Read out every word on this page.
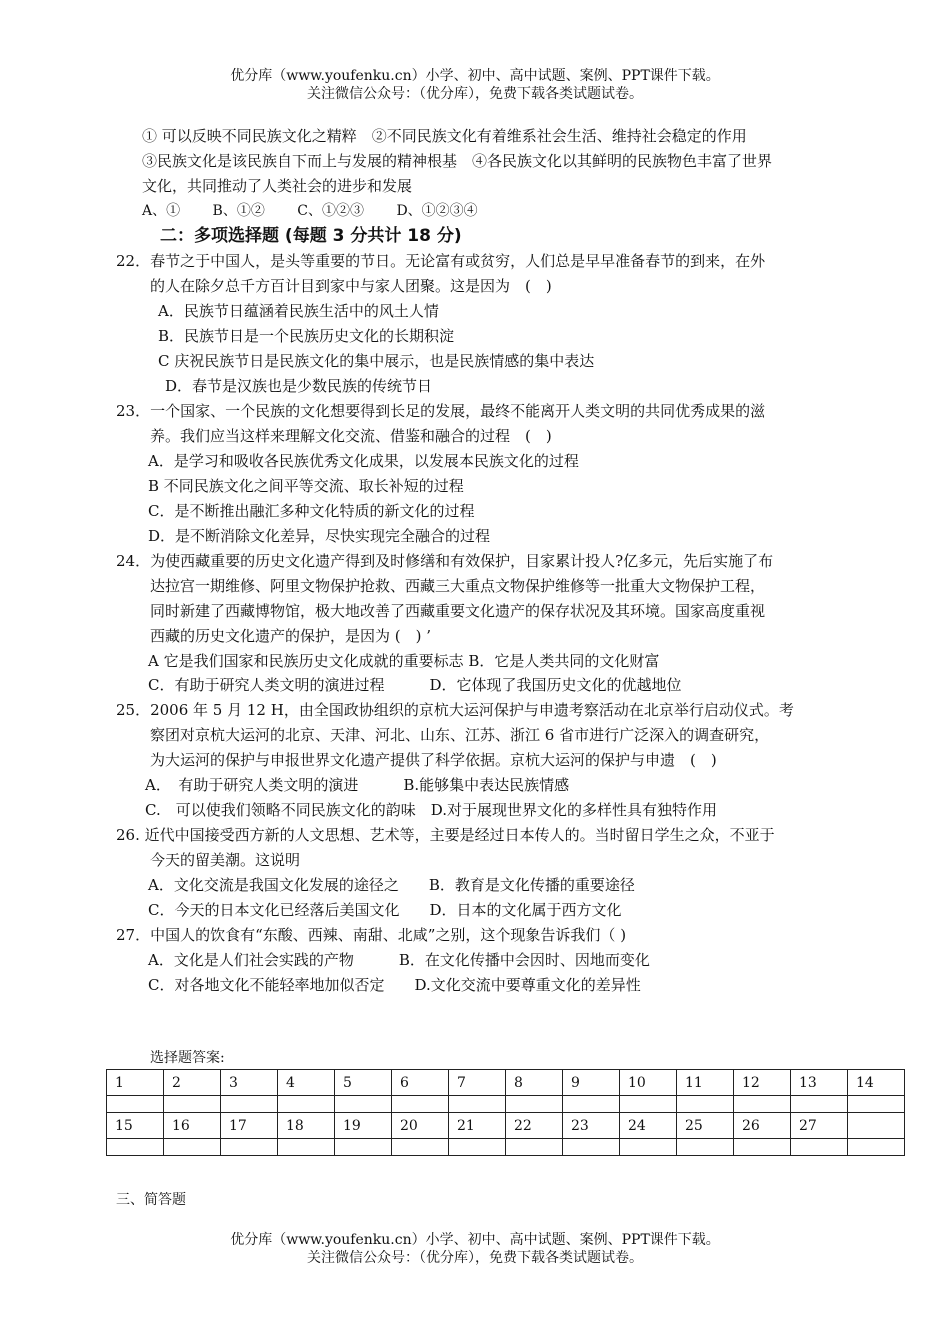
优分库（www.youfenku.cn）小学、初中、高中试题、案例、PPT课件下载。
关注微信公众号：（优分库），免费下载各类试题试卷。
① 可以反映不同民族文化之精粹　②不同民族文化有着维系社会生活、维持社会稳定的作用
③民族文化是该民族自下而上与发展的精神根基　④各民族文化以其鲜明的民族物色丰富了世界
文化，共同推动了人类社会的进步和发展
A、①　　 B、①②　　 C、①②③　　 D、①②③④
二：多项选择题 (每题 3 分共计 18 分)
22．春节之于中国人，是头等重要的节日。无论富有或贫穷，人们总是早早准备春节的到来，在外
的人在除夕总千方百计目到家中与家人团聚。这是因为　(　)
A．民族节日蕴涵着民族生活中的风土人情
B．民族节日是一个民族历史文化的长期积淀
C 庆祝民族节日是民族文化的集中展示，也是民族情感的集中表达
D．春节是汉族也是少数民族的传统节日
23．一个国家、一个民族的文化想要得到长足的发展，最终不能离开人类文明的共同优秀成果的滋
养。我们应当这样来理解文化交流、借鉴和融合的过程　(　)
A．是学习和吸收各民族优秀文化成果，以发展本民族文化的过程
B 不同民族文化之间平等交流、取长补短的过程
C．是不断推出融汇多种文化特质的新文化的过程
D．是不断消除文化差异，尽快实现完全融合的过程
24．为使西藏重要的历史文化遗产得到及时修缮和有效保护，目家累计投人?亿多元，先后实施了布
达拉宫一期维修、阿里文物保护抢救、西藏三大重点文物保护维修等一批重大文物保护工程，
同时新建了西藏博物馆，极大地改善了西藏重要文化遗产的保存状况及其环境。国家高度重视
西藏的历史文化遗产的保护，是因为 (　) ’
A 它是我们国家和民族历史文化成就的重要标志 B．它是人类共同的文化财富
C．有助于研究人类文明的演进过程　　　D．它体现了我国历史文化的优越地位
25．2006 年 5 月 12 H，由全国政协组织的京杭大运河保护与申遗考察活动在北京举行启动仪式。考
察团对京杭大运河的北京、天津、河北、山东、江苏、浙江 6 省市进行广泛深入的调查研究，
为大运河的保护与申报世界文化遗产提供了科学依据。京杭大运河的保护与申遗　(　)
A．　有助于研究人类文明的演进　　　B.能够集中表达民族情感
C.　可以使我们领略不同民族文化的韵味　D.对于展现世界文化的多样性具有独特作用
26. 近代中国接受西方新的人文思想、艺术等，主要是经过日本传人的。当时留日学生之众，不亚于
今天的留美潮。这说明
A．文化交流是我国文化发展的途径之　　B．教育是文化传播的重要途径
C．今天的日本文化已经落后美国文化　　D．日本的文化属于西方文化
27．中国人的饮食有“东酸、西辣、南甜、北咸”之别，这个现象告诉我们（ )
A．文化是人们社会实践的产物　　　B．在文化传播中会因时、因地而变化
C．对各地文化不能轻率地加似否定　　D.文化交流中要尊重文化的差异性
选择题答案:
1	2	3	4	5	6	7	8	9	10	11	12	13	14

15	16	17	18	19	20	21	22	23	24	25	26	27	

三、简答题
优分库（www.youfenku.cn）小学、初中、高中试题、案例、PPT课件下载。
关注微信公众号：（优分库），免费下载各类试题试卷。
